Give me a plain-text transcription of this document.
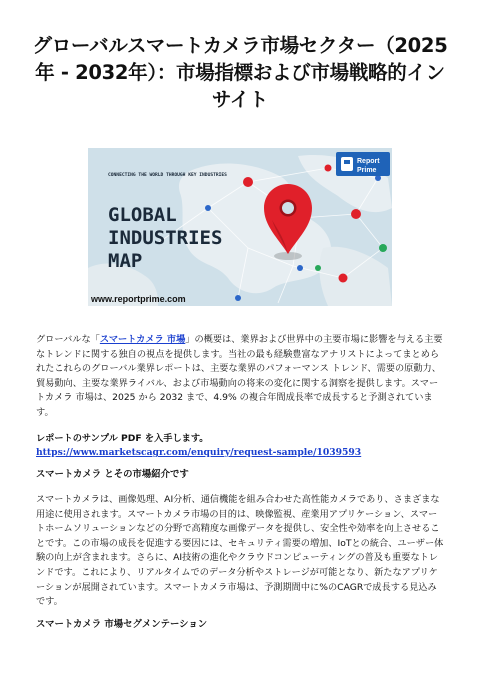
グローバルスマートカメラ市場セクター（2025年 - 2032年）：市場指標および市場戦略的インサイト
Report
Prime
CONNECTING THE WORLD THROUGH KEY INDUSTRIES
GLOBAL
INDUSTRIES
MAP
www.reportprime.com

グローバルな「スマートカメラ 市場」の概要は、業界および世界中の主要市場に影響を与える主要なトレンドに関する独自の視点を提供します。当社の最も経験豊富なアナリストによってまとめられたこれらのグローバル業界レポートは、主要な業界のパフォーマンス トレンド、需要の原動力、貿易動向、主要な業界ライバル、および市場動向の将来の変化に関する洞察を提供します。スマートカメラ 市場は、2025 から 2032 まで、4.9% の複合年間成長率で成長すると予測されています。

レポートのサンプル PDF を入手します。https://www.marketscagr.com/enquiry/request-sample/1039593

スマートカメラ とその市場紹介です

スマートカメラは、画像処理、AI分析、通信機能を組み合わせた高性能カメラであり、さまざまな用途に使用されます。スマートカメラ市場の目的は、映像監視、産業用アプリケーション、スマートホームソリューションなどの分野で高精度な画像データを提供し、安全性や効率を向上させることです。この市場の成長を促進する要因には、セキュリティ需要の増加、IoTとの統合、ユーザー体験の向上が含まれます。さらに、AI技術の進化やクラウドコンピューティングの普及も重要なトレンドです。これにより、リアルタイムでのデータ分析やストレージが可能となり、新たなアプリケーションが展開されています。スマートカメラ市場は、予測期間中に%のCAGRで成長する見込みです。

スマートカメラ 市場セグメンテーション
